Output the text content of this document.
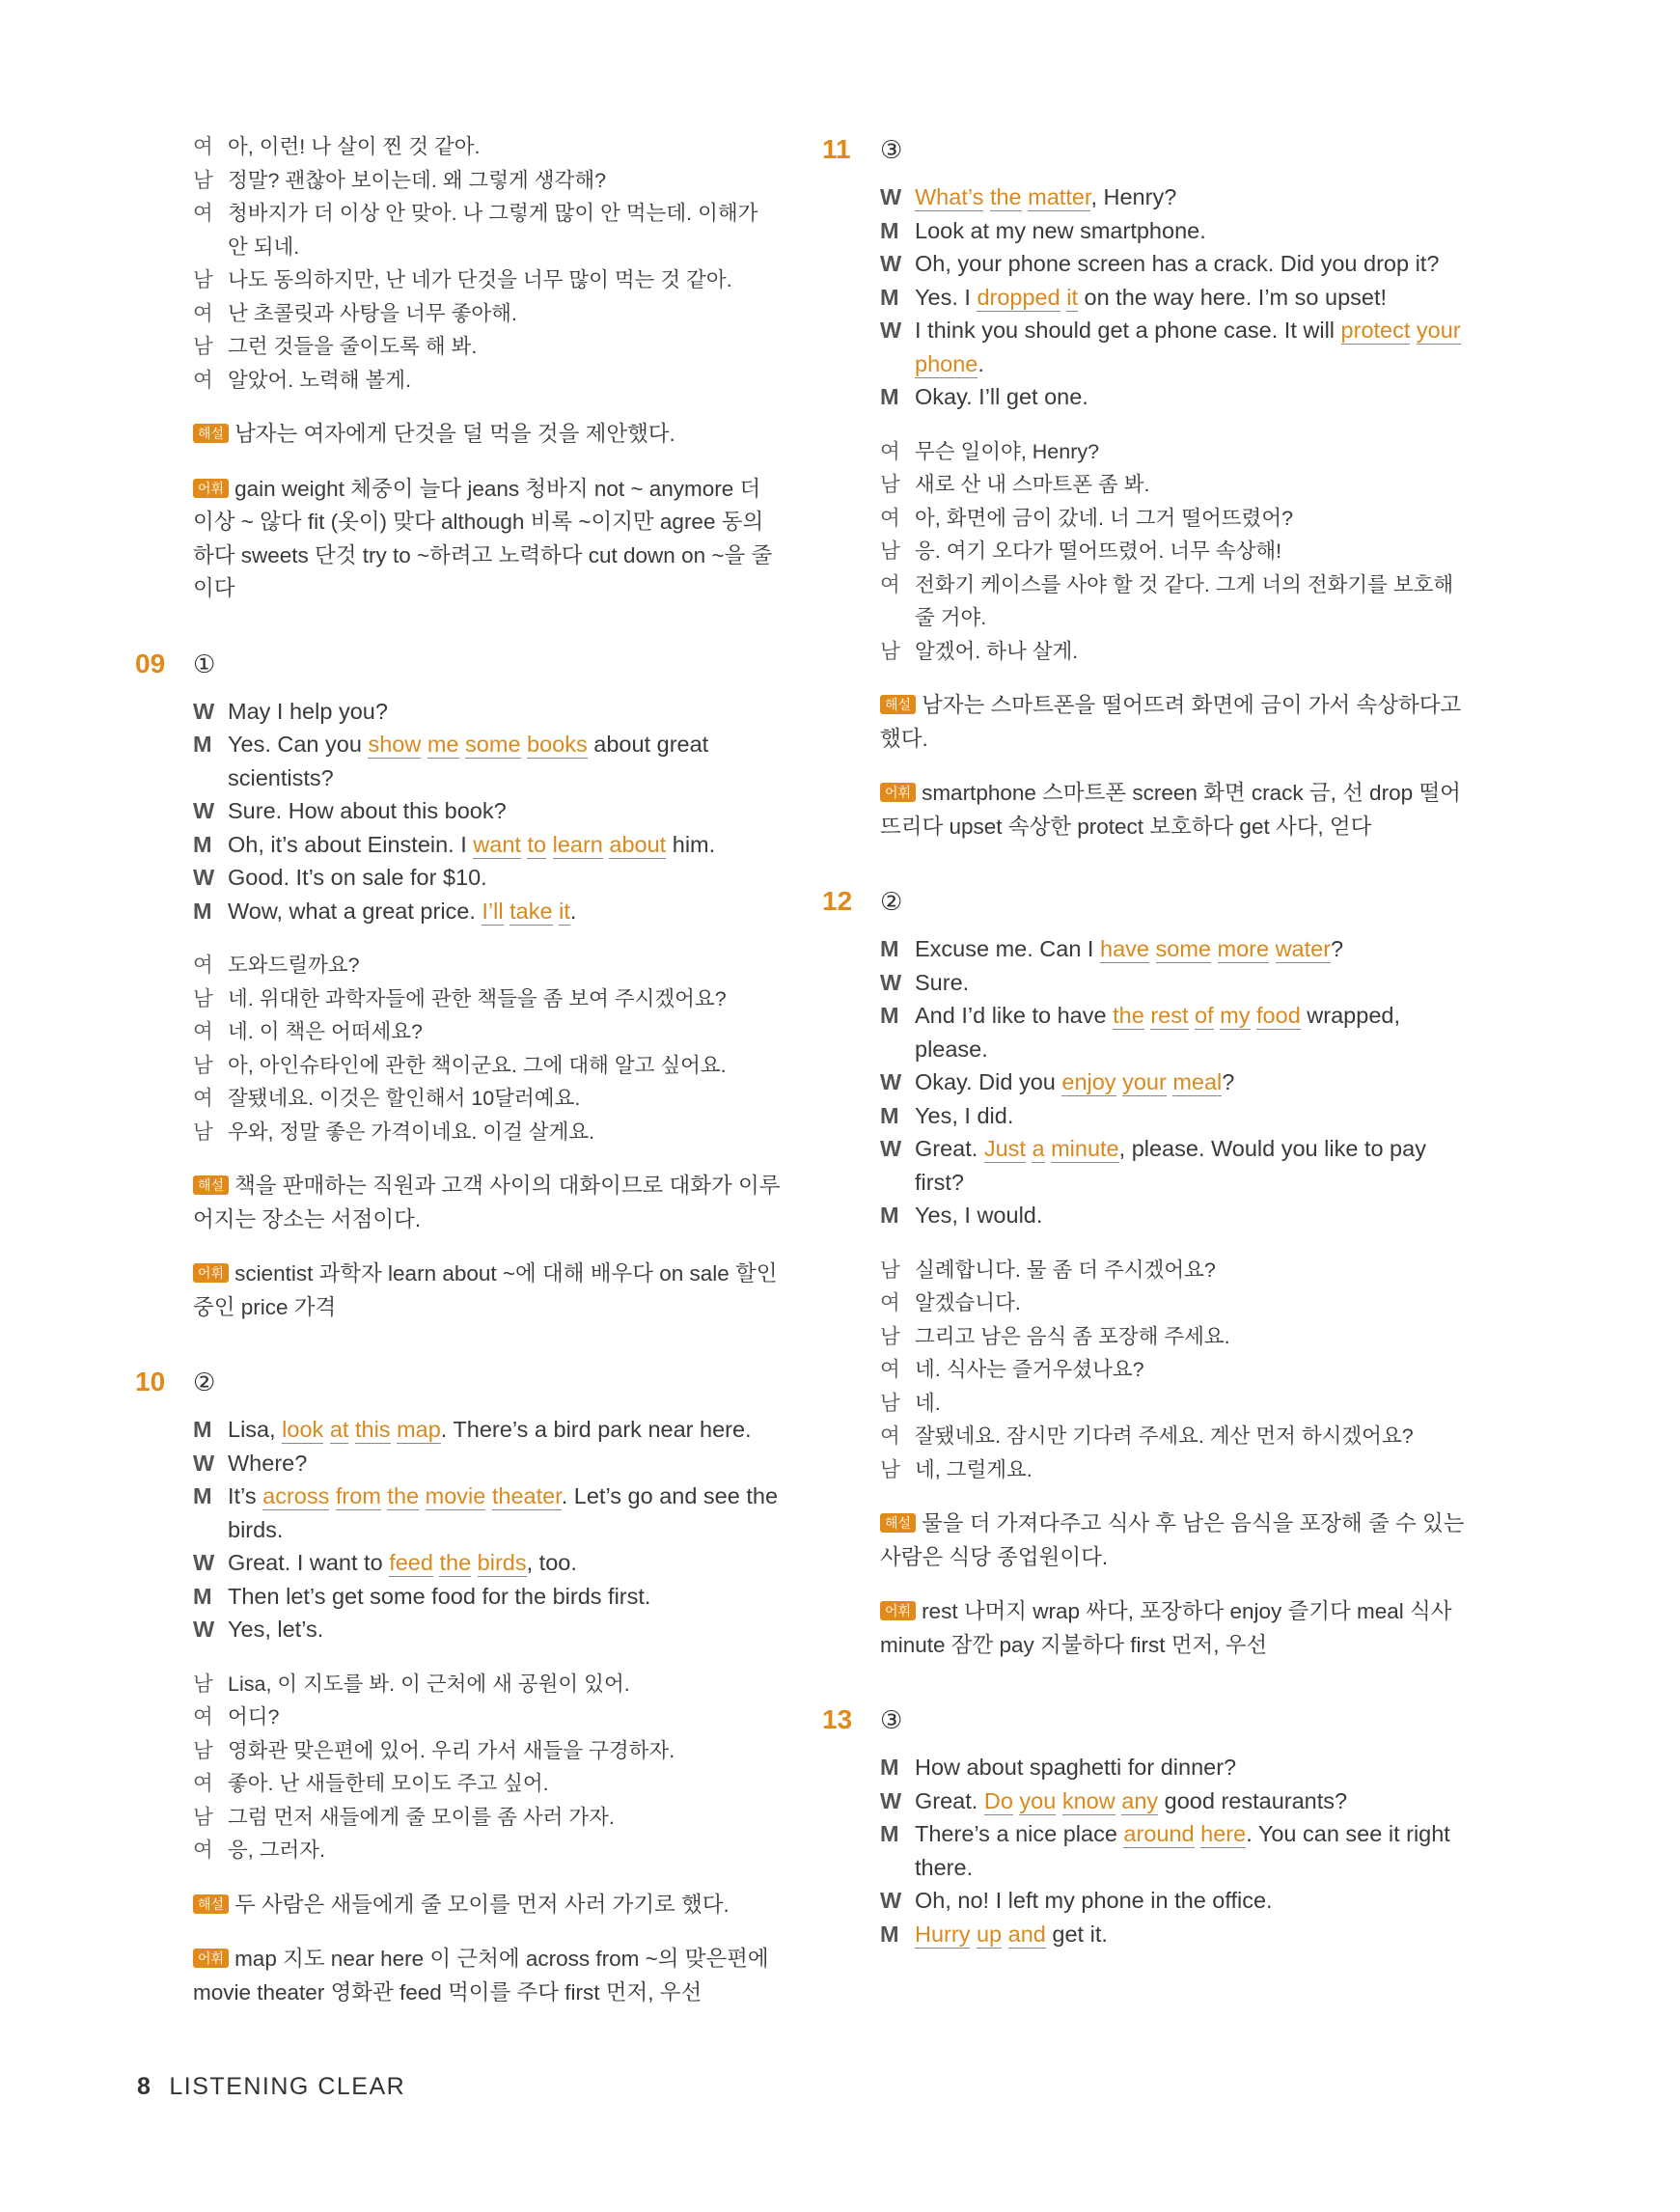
여 아, 이런! 나 살이 찐 것 같아.
남 정말? 괜찮아 보이는데. 왜 그렇게 생각해?
여 청바지가 더 이상 안 맞아. 나 그렇게 많이 안 먹는데. 이해가 안 되네.
남 나도 동의하지만, 난 네가 단것을 너무 많이 먹는 것 같아.
여 난 초콜릿과 사탕을 너무 좋아해.
남 그런 것들을 줄이도록 해 봐.
여 알았어. 노력해 볼게.
해설 남자는 여자에게 단것을 덜 먹을 것을 제안했다.
어휘 gain weight 체중이 늘다 jeans 청바지 not ~ anymore 더 이상 ~ 않다 fit (옷이) 맞다 although 비록 ~이지만 agree 동의하다 sweets 단것 try to ~하려고 노력하다 cut down on ~을 줄이다
09 ①
W May I help you?
M Yes. Can you show me some books about great scientists?
W Sure. How about this book?
M Oh, it’s about Einstein. I want to learn about him.
W Good. It’s on sale for $10.
M Wow, what a great price. I’ll take it.
여 도와드릴까요?
남 네. 위대한 과학자들에 관한 책들을 좀 보여 주시겠어요?
여 네. 이 책은 어떠세요?
남 아, 아인슈타인에 관한 책이군요. 그에 대해 알고 싶어요.
여 잘됐네요. 이것은 할인해서 10달러예요.
남 우와, 정말 좋은 가격이네요. 이걸 살게요.
해설 책을 판매하는 직원과 고객 사이의 대화이므로 대화가 이루어지는 장소는 서점이다.
어휘 scientist 과학자 learn about ~에 대해 배우다 on sale 할인 중인 price 가격
10 ②
M Lisa, look at this map. There’s a bird park near here.
W Where?
M It’s across from the movie theater. Let’s go and see the birds.
W Great. I want to feed the birds, too.
M Then let’s get some food for the birds first.
W Yes, let’s.
남 Lisa, 이 지도를 봐. 이 근처에 새 공원이 있어.
여 어디?
남 영화관 맞은편에 있어. 우리 가서 새들을 구경하자.
여 좋아. 난 새들한테 모이도 주고 싶어.
남 그럼 먼저 새들에게 줄 모이를 좀 사러 가자.
여 응, 그러자.
해설 두 사람은 새들에게 줄 모이를 먼저 사러 가기로 했다.
어휘 map 지도 near here 이 근처에 across from ~의 맞은편에 movie theater 영화관 feed 먹이를 주다 first 먼저, 우선
11 ③
W What’s the matter, Henry?
M Look at my new smartphone.
W Oh, your phone screen has a crack. Did you drop it?
M Yes. I dropped it on the way here. I’m so upset!
W I think you should get a phone case. It will protect your phone.
M Okay. I’ll get one.
여 무슨 일이야, Henry?
남 새로 산 내 스마트폰 좀 봐.
여 아, 화면에 금이 갔네. 너 그거 떨어뜨렸어?
남 응. 여기 오다가 떨어뜨렸어. 너무 속상해!
여 전화기 케이스를 사야 할 것 같다. 그게 너의 전화기를 보호해 줄 거야.
남 알겠어. 하나 살게.
해설 남자는 스마트폰을 떨어뜨려 화면에 금이 가서 속상하다고 했다.
어휘 smartphone 스마트폰 screen 화면 crack 금, 선 drop 떨어뜨리다 upset 속상한 protect 보호하다 get 사다, 얻다
12 ②
M Excuse me. Can I have some more water?
W Sure.
M And I’d like to have the rest of my food wrapped, please.
W Okay. Did you enjoy your meal?
M Yes, I did.
W Great. Just a minute, please. Would you like to pay first?
M Yes, I would.
남 실례합니다. 물 좀 더 주시겠어요?
여 알겠습니다.
남 그리고 남은 음식 좀 포장해 주세요.
여 네. 식사는 즐거우셨나요?
남 네.
여 잘됐네요. 잠시만 기다려 주세요. 계산 먼저 하시겠어요?
남 네, 그럴게요.
해설 물을 더 가져다주고 식사 후 남은 음식을 포장해 줄 수 있는 사람은 식당 종업원이다.
어휘 rest 나머지 wrap 싸다, 포장하다 enjoy 즐기다 meal 식사 minute 잠깐 pay 지불하다 first 먼저, 우선
13 ③
M How about spaghetti for dinner?
W Great. Do you know any good restaurants?
M There’s a nice place around here. You can see it right there.
W Oh, no! I left my phone in the office.
M Hurry up and get it.
8 LISTENING CLEAR
